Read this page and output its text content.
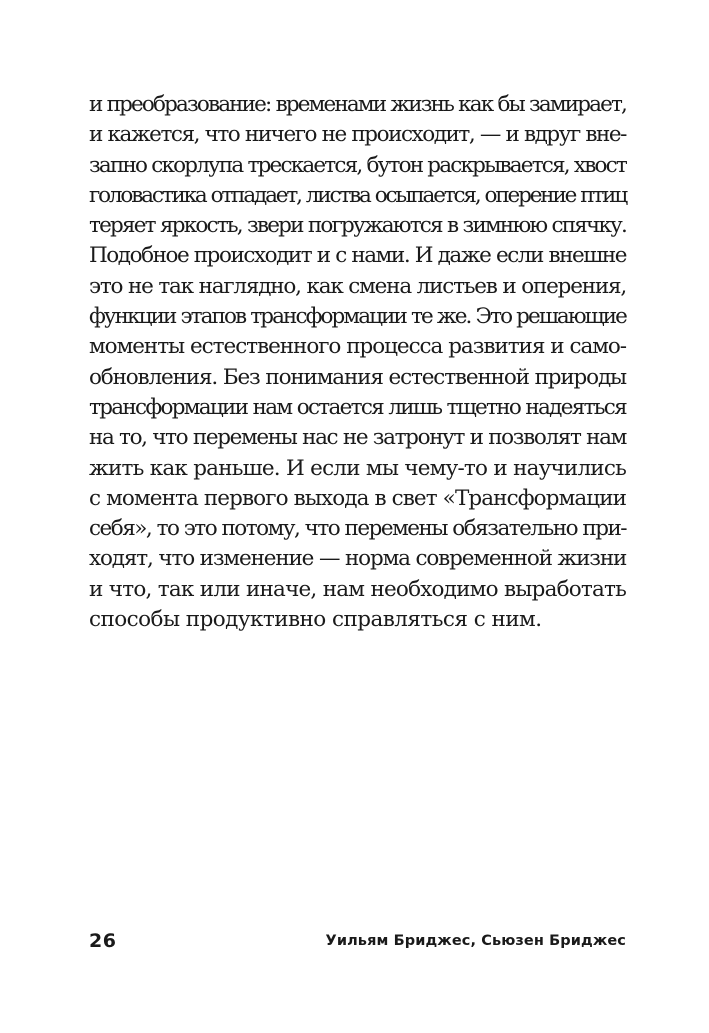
и преобразование: временами жизнь как бы замирает,
и кажется, что ничего не происходит, — и вдруг вне-
запно скорлупа трескается, бутон раскрывается, хвост
головастика отпадает, листва осыпается, оперение птиц
теряет яркость, звери погружаются в зимнюю спячку.
Подобное происходит и с нами. И даже если внешне
это не так наглядно, как смена листьев и оперения,
функции этапов трансформации те же. Это решающие
моменты естественного процесса развития и само-
обновления. Без понимания естественной природы
трансформации нам остается лишь тщетно надеяться
на то, что перемены нас не затронут и позволят нам
жить как раньше. И если мы чему-то и научились
с момента первого выхода в свет «Трансформации
себя», то это потому, что перемены обязательно при-
ходят, что изменение — норма современной жизни
и что, так или иначе, нам необходимо выработать
способы продуктивно справляться с ним.
26	Уильям Бриджес, Сьюзен Бриджес
